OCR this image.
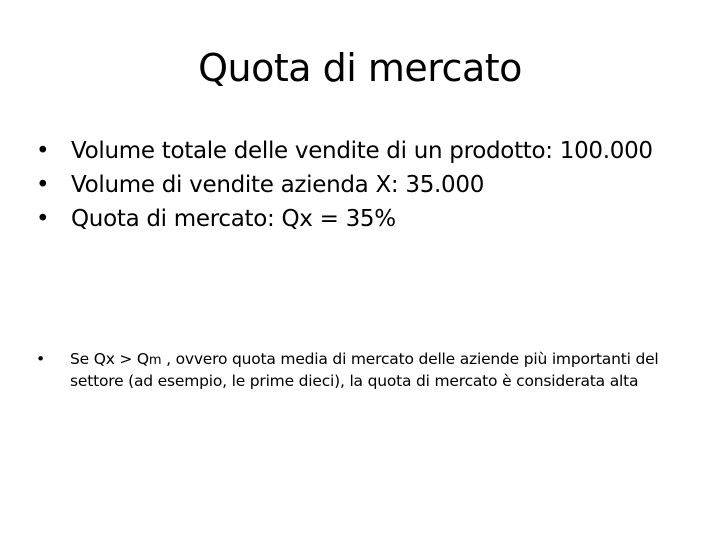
Quota di mercato
• Volume totale delle vendite di un prodotto: 100.000
• Volume di vendite azienda X: 35.000
• Quota di mercato: Qx = 35%
•	Se Qx > Qm , ovvero quota media di mercato delle aziende più importanti del settore (ad esempio, le prime dieci), la quota di mercato è considerata alta
